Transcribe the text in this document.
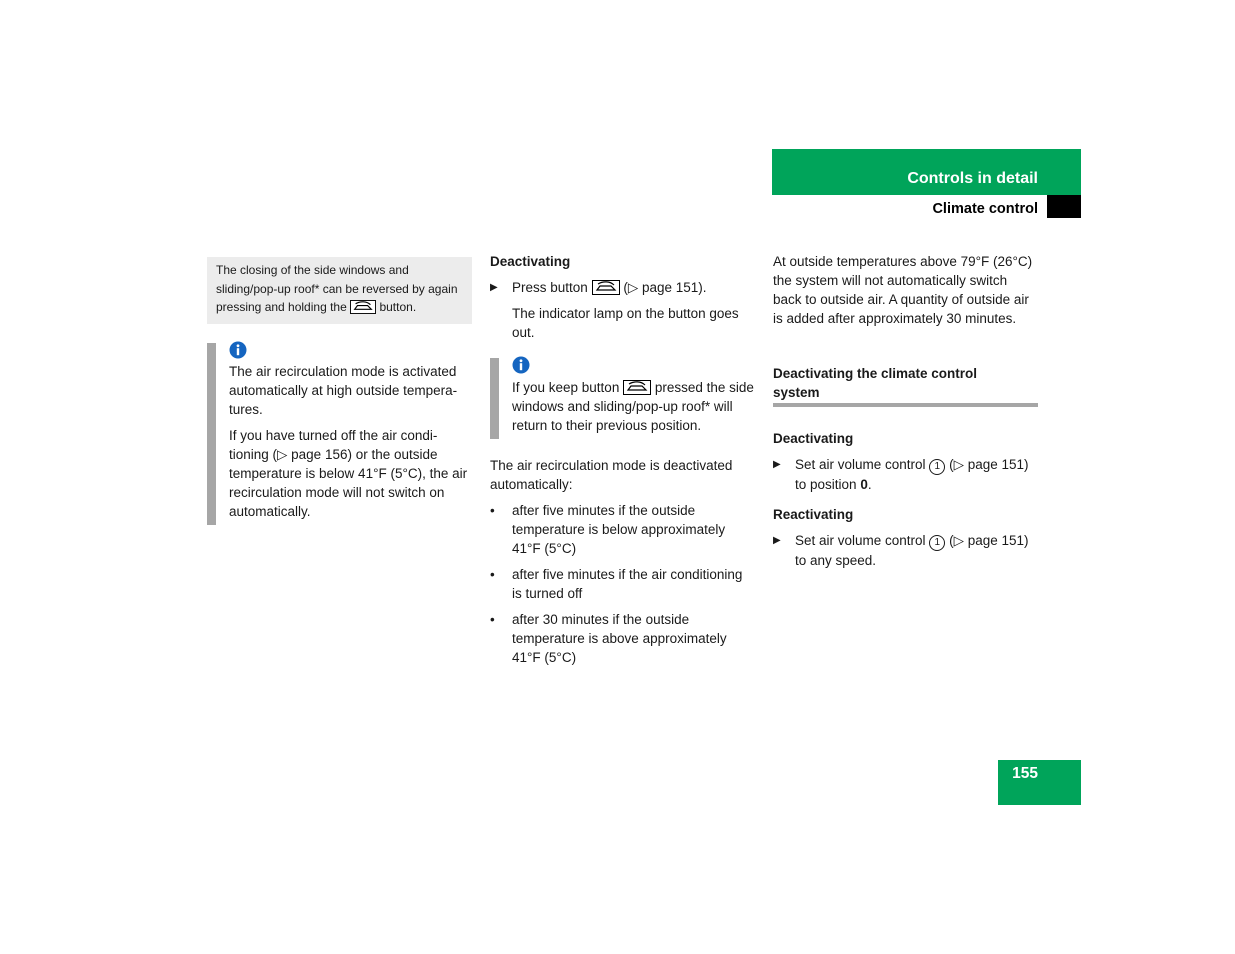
Controls in detail
Climate control
The closing of the side windows and sliding/pop-up roof* can be reversed by again pressing and holding the	button.

The air recirculation mode is activated automatically at high outside tempera-tures.

If you have turned off the air condi-tioning (▷ page 156) or the outside temperature is below 41°F (5°C), the air recirculation mode will not switch on automatically.

Deactivating

▶ Press button	(▷ page 151).

The indicator lamp on the button goes out.

If you keep button	pressed the side windows and sliding/pop-up roof* will return to their previous position.

The air recirculation mode is deactivated automatically:

• after five minutes if the outside temperature is below approximately 41°F (5°C)
• after five minutes if the air conditioning is turned off
• after 30 minutes if the outside temperature is above approximately 41°F (5°C)

At outside temperatures above 79°F (26°C) the system will not automatically switch back to outside air. A quantity of outside air is added after approximately 30 minutes.

Deactivating the climate control system

Deactivating

▶ Set air volume control 1 (▷ page 151) to position 0.

Reactivating

▶ Set air volume control 1 (▷ page 151) to any speed.
155
